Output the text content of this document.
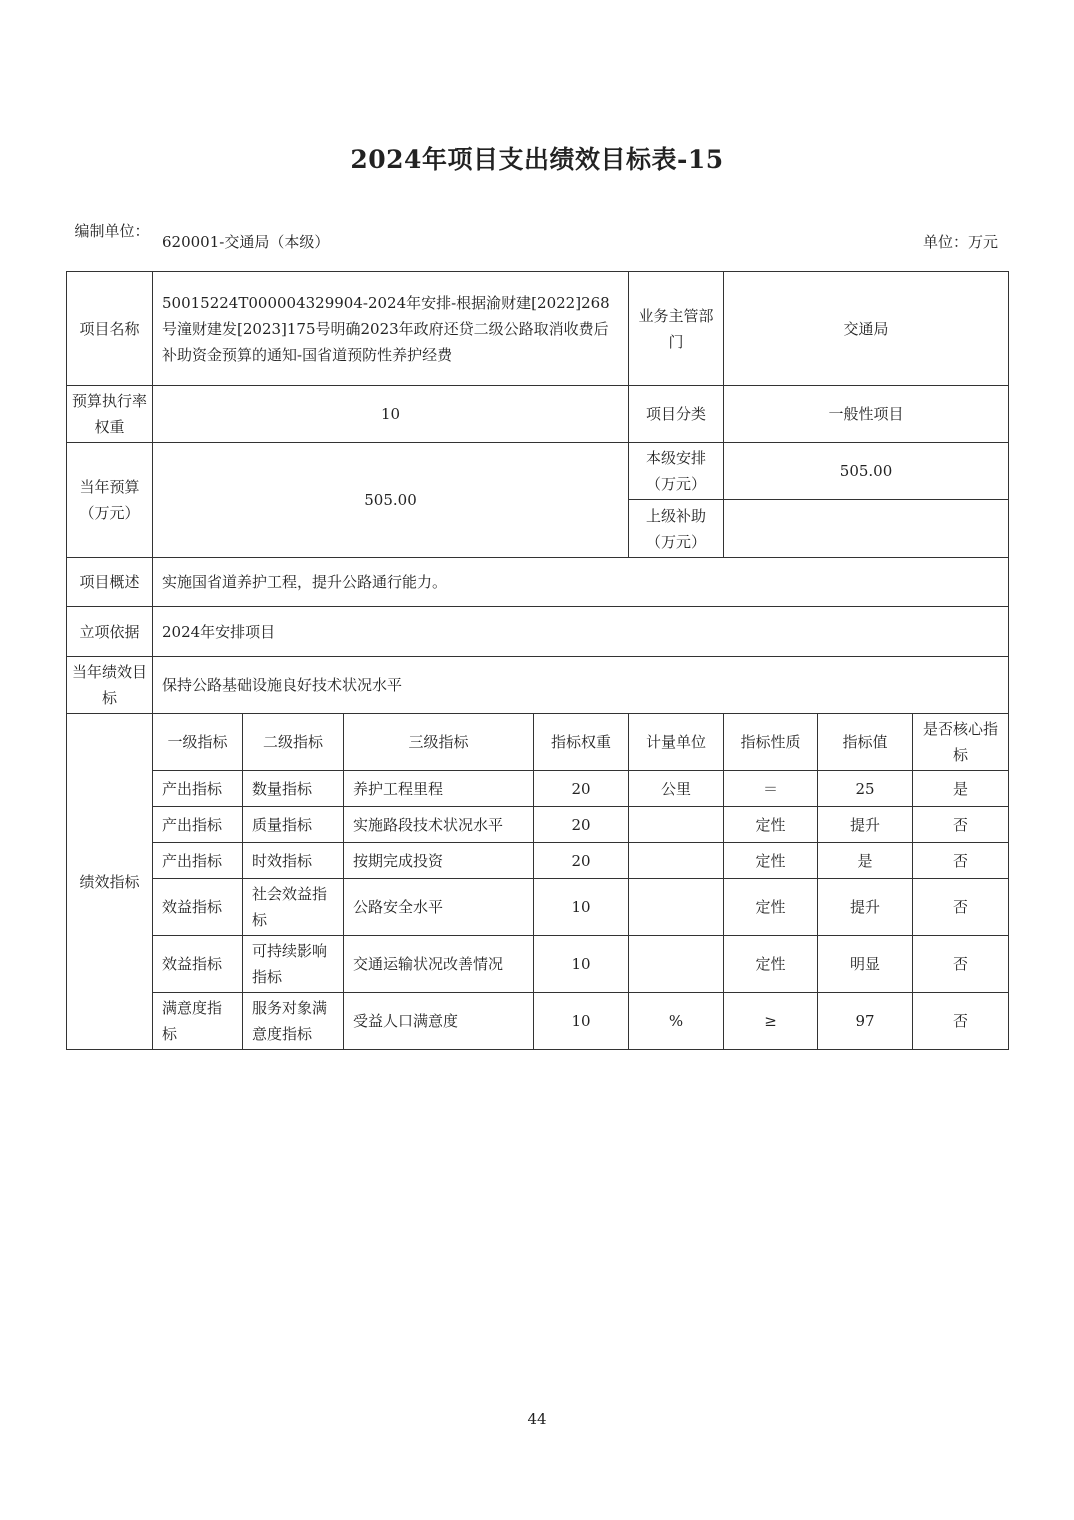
2024年项目支出绩效目标表-15
编制单位：
620001-交通局（本级）	单位：万元
项目名称	50015224T000004329904-2024年安排-根据渝财建[2022]268号潼财建发[2023]175号明确2023年政府还贷二级公路取消收费后补助资金预算的通知-国省道预防性养护经费				业务主管部门	交通局		
预算执行率权重	10				项目分类	一般性项目		
当年预算（万元）	505.00				本级安排（万元）	505.00		
					上级补助（万元）			
项目概述	实施国省道养护工程，提升公路通行能力。							
立项依据	2024年安排项目							
当年绩效目标	保持公路基础设施良好技术状况水平							
绩效指标	一级指标	二级指标	三级指标	指标权重	计量单位	指标性质	指标值	是否核心指标
	产出指标	数量指标	养护工程里程	20	公里	＝	25	是
	产出指标	质量指标	实施路段技术状况水平	20		定性	提升	否
	产出指标	时效指标	按期完成投资	20		定性	是	否
	效益指标	社会效益指标	公路安全水平	10		定性	提升	否
	效益指标	可持续影响指标	交通运输状况改善情况	10		定性	明显	否
	满意度指标	服务对象满意度指标	受益人口满意度	10	%	≥	97	否
44
